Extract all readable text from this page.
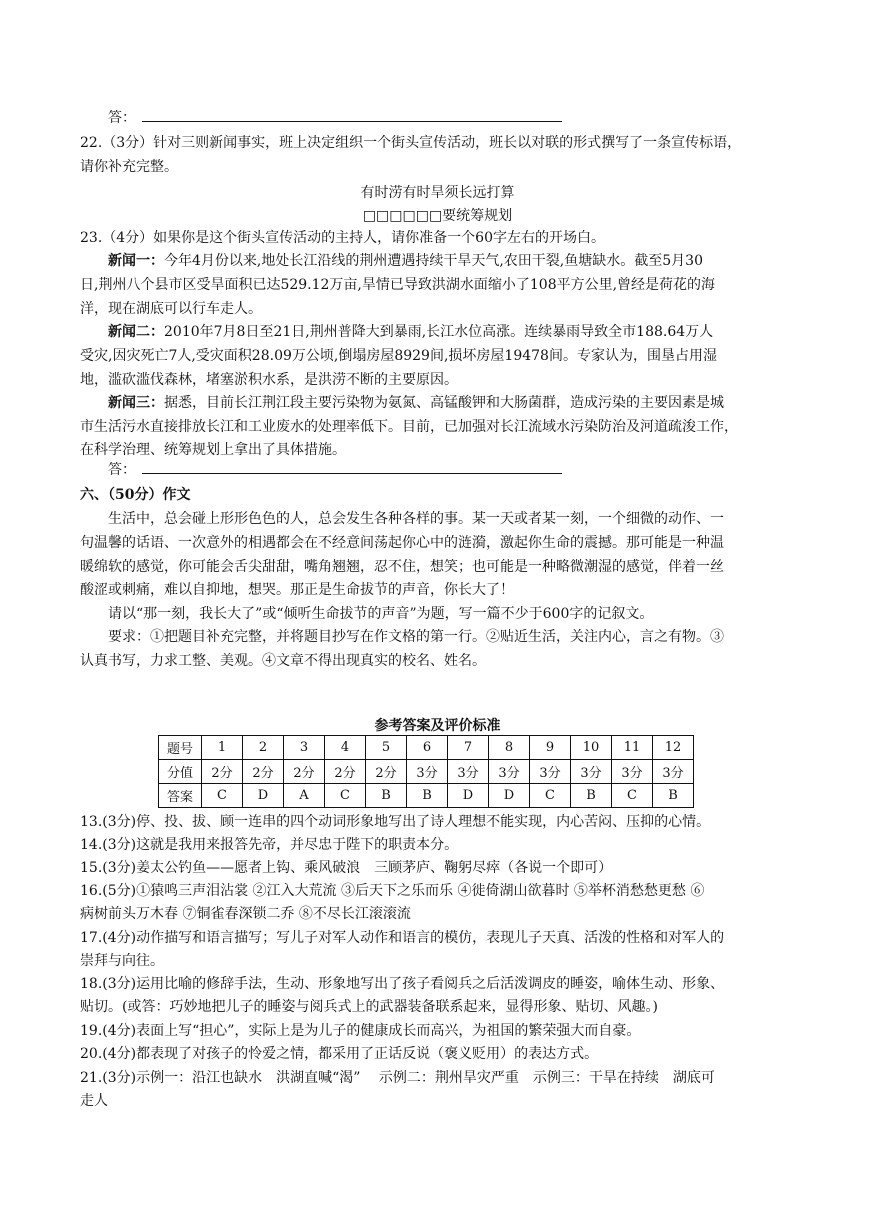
答：
22.（3分）针对三则新闻事实，班上决定组织一个街头宣传活动，班长以对联的形式撰写了一条宣传标语，
请你补充完整。
有时涝有时旱须长远打算
□□□□□□要统筹规划
23.（4分）如果你是这个街头宣传活动的主持人，请你准备一个60字左右的开场白。
新闻一：今年4月份以来,地处长江沿线的荆州遭遇持续干旱天气,农田干裂,鱼塘缺水。截至5月30
日,荆州八个县市区受旱面积已达529.12万亩,旱情已导致洪湖水面缩小了108平方公里,曾经是荷花的海
洋，现在湖底可以行车走人。
新闻二：2010年7月8日至21日,荆州普降大到暴雨,长江水位高涨。连续暴雨导致全市188.64万人
受灾,因灾死亡7人,受灾面积28.09万公顷,倒塌房屋8929间,损坏房屋19478间。专家认为，围垦占用湿
地，滥砍滥伐森林，堵塞淤积水系，是洪涝不断的主要原因。
新闻三：据悉，目前长江荆江段主要污染物为氨氮、高锰酸钾和大肠菌群，造成污染的主要因素是城
市生活污水直接排放长江和工业废水的处理率低下。目前，已加强对长江流域水污染防治及河道疏浚工作，
在科学治理、统筹规划上拿出了具体措施。
答：
六、（50分）作文
生活中，总会碰上形形色色的人，总会发生各种各样的事。某一天或者某一刻，一个细微的动作、一
句温馨的话语、一次意外的相遇都会在不经意间荡起你心中的涟漪，激起你生命的震撼。那可能是一种温
暖绵软的感觉，你可能会舌尖甜甜，嘴角翘翘，忍不住，想笑；也可能是一种略微潮湿的感觉，伴着一丝
酸涩或刺痛，难以自抑地，想哭。那正是生命拔节的声音，你长大了！
请以“那一刻，我长大了”或“倾听生命拔节的声音”为题，写一篇不少于600字的记叙文。
要求：①把题目补充完整，并将题目抄写在作文格的第一行。②贴近生活，关注内心，言之有物。③
认真书写，力求工整、美观。④文章不得出现真实的校名、姓名。
参考答案及评价标准
题号	1	2	3	4	5	6	7	8	9	10	11	12
分值	2分	2分	2分	2分	2分	3分	3分	3分	3分	3分	3分	3分
答案	C	D	A	C	B	B	D	D	C	B	C	B
13.(3分)停、投、拔、顾一连串的四个动词形象地写出了诗人理想不能实现，内心苦闷、压抑的心情。
14.(3分)这就是我用来报答先帝，并尽忠于陛下的职责本分。
15.(3分)姜太公钓鱼——愿者上钩、乘风破浪　三顾茅庐、鞠躬尽瘁（各说一个即可）
16.(5分)①猿鸣三声泪沾裳 ②江入大荒流 ③后天下之乐而乐 ④徙倚湖山欲暮时 ⑤举杯消愁愁更愁 ⑥
病树前头万木春 ⑦铜雀春深锁二乔 ⑧不尽长江滚滚流
17.(4分)动作描写和语言描写；写儿子对军人动作和语言的模仿，表现儿子天真、活泼的性格和对军人的
崇拜与向往。
18.(3分)运用比喻的修辞手法，生动、形象地写出了孩子看阅兵之后活泼调皮的睡姿，喻体生动、形象、
贴切。(或答：巧妙地把儿子的睡姿与阅兵式上的武器装备联系起来，显得形象、贴切、风趣。)
19.(4分)表面上写“担心”，实际上是为儿子的健康成长而高兴，为祖国的繁荣强大而自豪。
20.(4分)都表现了对孩子的怜爱之情，都采用了正话反说（褒义贬用）的表达方式。
21.(3分)示例一：沿江也缺水　洪湖直喊“渴”　 示例二：荆州旱灾严重　示例三：干旱在持续　湖底可
走人
